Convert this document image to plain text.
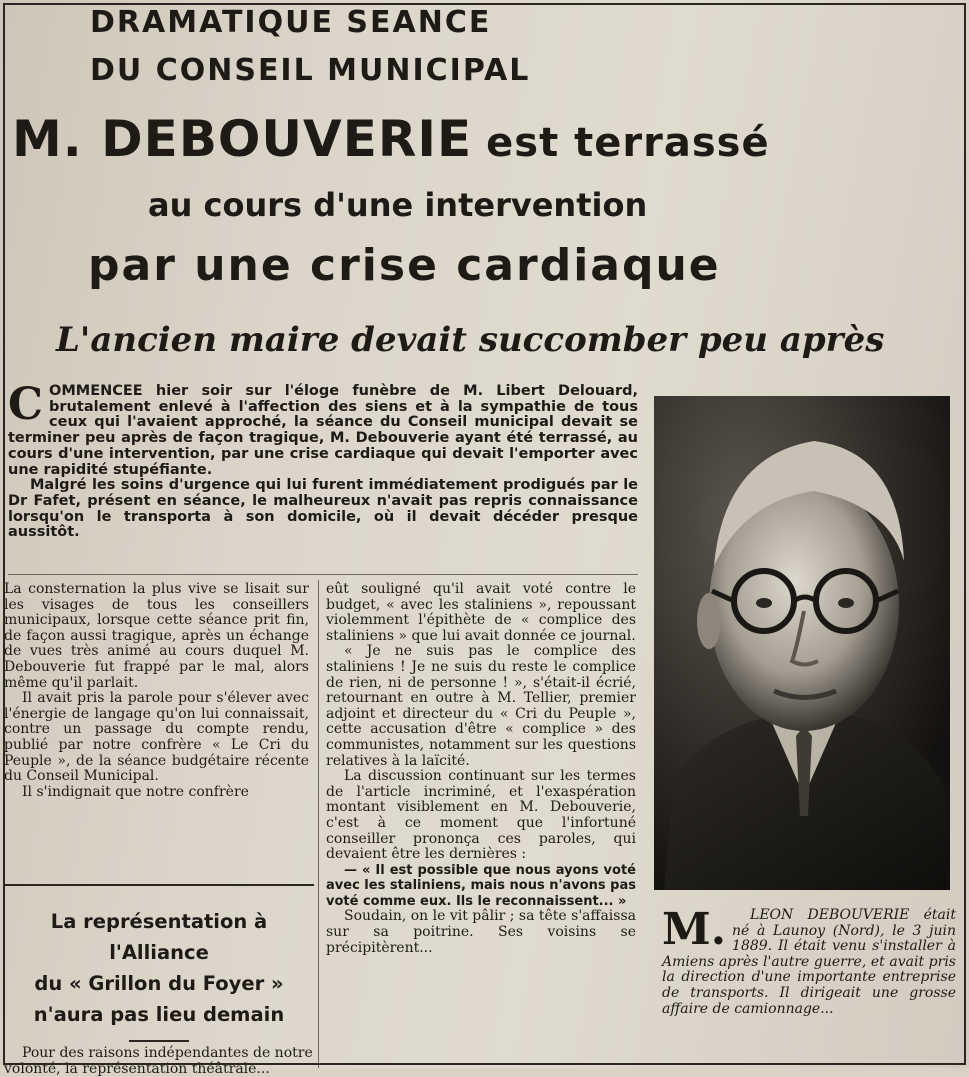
DRAMATIQUE SEANCE
DU CONSEIL MUNICIPAL
M. DEBOUVERIE est terrassé
au cours d'une intervention
par une crise cardiaque
L'ancien maire devait succomber peu après
C OMMENCEE hier soir sur l'éloge funèbre de M. Libert Delouard, brutalement enlevé à l'affection des siens et à la sympathie de tous ceux qui l'avaient approché, la séance du Conseil municipal devait se terminer peu après de façon tragique, M. Debouverie ayant été terrassé, au cours d'une intervention, par une crise cardiaque qui devait l'emporter avec une rapidité stupéfiante.

Malgré les soins d'urgence qui lui furent immédiatement prodigués par le Dr Fafet, présent en séance, le malheureux n'avait pas repris connaissance lorsqu'on le transporta à son domicile, où il devait décéder presque aussitôt.

La consternation la plus vive se lisait sur les visages de tous les conseillers municipaux, lorsque cette séance prit fin, de façon aussi tragique, après un échange de vues très animé au cours duquel M. Debouverie fut frappé par le mal, alors même qu'il parlait.

Il avait pris la parole pour s'élever avec l'énergie de langage qu'on lui connaissait, contre un passage du compte rendu, publié par notre confrère « Le Cri du Peuple », de la séance budgétaire récente du Conseil Municipal.

Il s'indignait que notre confrère

eût souligné qu'il avait voté contre le budget, « avec les staliniens », repoussant violemment l'épithète de « complice des staliniens » que lui avait donnée ce journal.

« Je ne suis pas le complice des staliniens ! Je ne suis du reste le complice de rien, ni de personne ! », s'était-il écrié, retournant en outre à M. Tellier, premier adjoint et directeur du « Cri du Peuple », cette accusation d'être « complice » des communistes, notamment sur les questions relatives à la laïcité.

La discussion continuant sur les termes de l'article incriminé, et l'exaspération montant visiblement en M. Debouverie, c'est à ce moment que l'infortuné conseiller prononça ces paroles, qui devaient être les dernières :

— « Il est possible que nous ayons voté avec les staliniens, mais nous n'avons pas voté comme eux. Ils le reconnaissent... »

Soudain, on le vit pâlir ; sa tête s'affaissa sur sa poitrine. Ses voisins se précipitèrent...

La représentation à l'Alliance
du « Grillon du Foyer »
n'aura pas lieu demain
Pour des raisons indépendantes de notre volonté, la représentation théâtrale...
M.	LEON DEBOUVERIE était né à Launoy (Nord), le 3 juin 1889. Il était venu s'installer à Amiens après l'autre guerre, et avait pris la direction d'une importante entreprise de transports. Il dirigeait une grosse affaire de camionnage...
